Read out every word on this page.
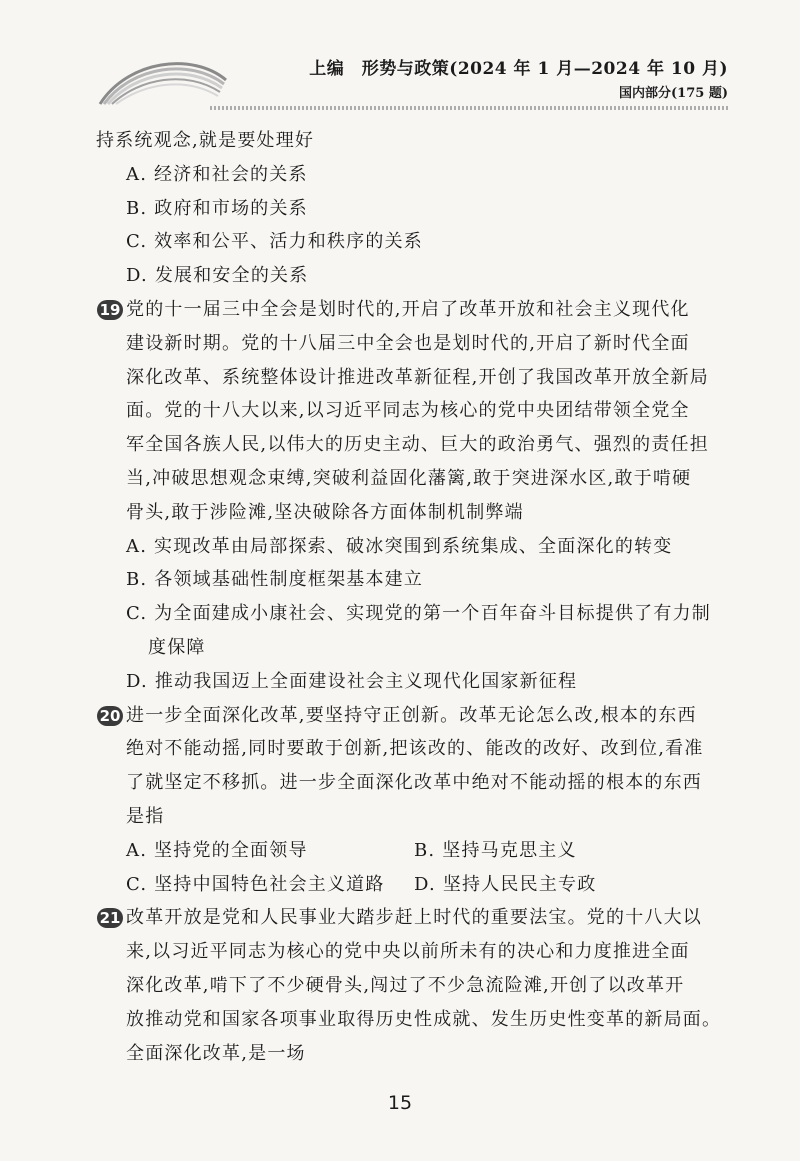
上编　形势与政策(2024 年 1 月—2024 年 10 月)
国内部分(175 题)
持系统观念,就是要处理好
A. 经济和社会的关系
B. 政府和市场的关系
C. 效率和公平、活力和秩序的关系
D. 发展和安全的关系
19 党的十一届三中全会是划时代的,开启了改革开放和社会主义现代化
建设新时期。党的十八届三中全会也是划时代的,开启了新时代全面
深化改革、系统整体设计推进改革新征程,开创了我国改革开放全新局
面。党的十八大以来,以习近平同志为核心的党中央团结带领全党全
军全国各族人民,以伟大的历史主动、巨大的政治勇气、强烈的责任担
当,冲破思想观念束缚,突破利益固化藩篱,敢于突进深水区,敢于啃硬
骨头,敢于涉险滩,坚决破除各方面体制机制弊端
A. 实现改革由局部探索、破冰突围到系统集成、全面深化的转变
B. 各领域基础性制度框架基本建立
C. 为全面建成小康社会、实现党的第一个百年奋斗目标提供了有力制
度保障
D. 推动我国迈上全面建设社会主义现代化国家新征程
20 进一步全面深化改革,要坚持守正创新。改革无论怎么改,根本的东西
绝对不能动摇,同时要敢于创新,把该改的、能改的改好、改到位,看准
了就坚定不移抓。进一步全面深化改革中绝对不能动摇的根本的东西
是指
A. 坚持党的全面领导	B. 坚持马克思主义
C. 坚持中国特色社会主义道路	D. 坚持人民民主专政
21 改革开放是党和人民事业大踏步赶上时代的重要法宝。党的十八大以
来,以习近平同志为核心的党中央以前所未有的决心和力度推进全面
深化改革,啃下了不少硬骨头,闯过了不少急流险滩,开创了以改革开
放推动党和国家各项事业取得历史性成就、发生历史性变革的新局面。
全面深化改革,是一场
15
